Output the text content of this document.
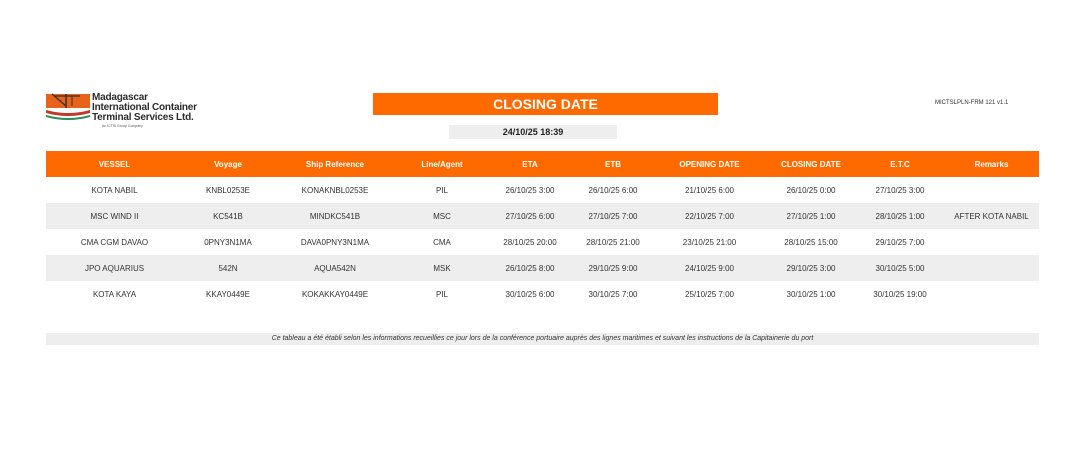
Madagascar
International Container
Terminal Services Ltd.
An ICTSI Group Company
CLOSING DATE
24/10/25 18:39
MICTSLPLN-FRM 121 v1.1
VESSEL	Voyage	Ship Reference	Line/Agent	ETA	ETB	OPENING DATE	CLOSING DATE	E.T.C	Remarks
KOTA NABIL	KNBL0253E	KONAKNBL0253E	PIL	26/10/25 3:00	26/10/25 6:00	21/10/25 6:00	26/10/25 0:00	27/10/25 3:00
MSC WIND II	KC541B	MINDKC541B	MSC	27/10/25 6:00	27/10/25 7:00	22/10/25 7:00	27/10/25 1:00	28/10/25 1:00	AFTER KOTA NABIL
CMA CGM DAVAO	0PNY3N1MA	DAVA0PNY3N1MA	CMA	28/10/25 20:00	28/10/25 21:00	23/10/25 21:00	28/10/25 15:00	29/10/25 7:00
JPO AQUARIUS	542N	AQUA542N	MSK	26/10/25 8:00	29/10/25 9:00	24/10/25 9:00	29/10/25 3:00	30/10/25 5:00
KOTA KAYA	KKAY0449E	KOKAKKAY0449E	PIL	30/10/25 6:00	30/10/25 7:00	25/10/25 7:00	30/10/25 1:00	30/10/25 19:00
Ce tableau a été établi selon les informations recueillies ce jour lors de la conférence portuaire auprès des lignes maritimes et suivant les instructions de la Capitainerie du port
